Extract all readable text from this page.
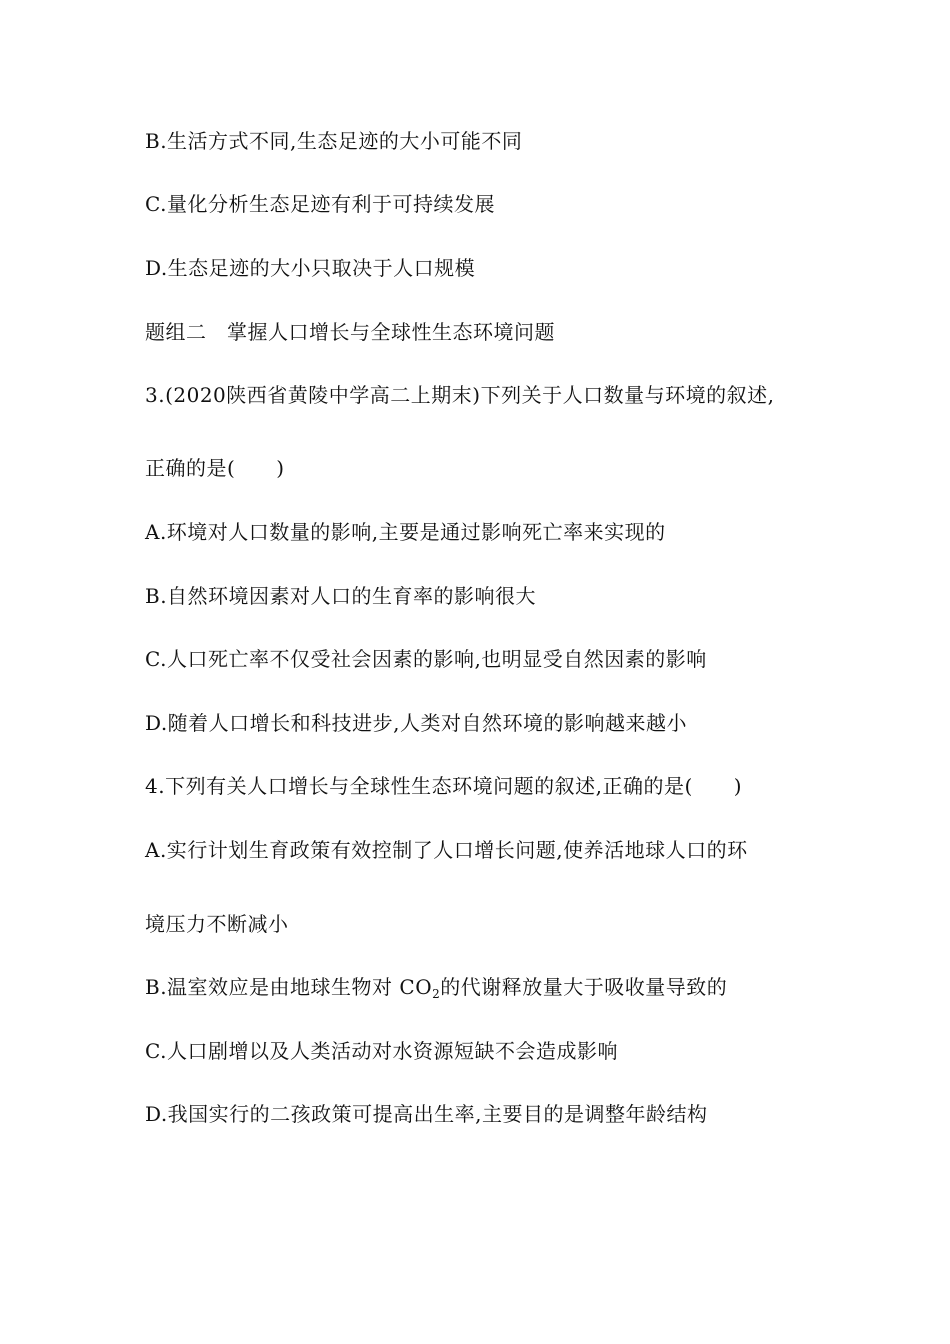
B.生活方式不同,生态足迹的大小可能不同
C.量化分析生态足迹有利于可持续发展
D.生态足迹的大小只取决于人口规模
题组二　掌握人口增长与全球性生态环境问题
3.(2020陕西省黄陵中学高二上期末)下列关于人口数量与环境的叙述,
正确的是(　　)
A.环境对人口数量的影响,主要是通过影响死亡率来实现的
B.自然环境因素对人口的生育率的影响很大
C.人口死亡率不仅受社会因素的影响,也明显受自然因素的影响
D.随着人口增长和科技进步,人类对自然环境的影响越来越小
4.下列有关人口增长与全球性生态环境问题的叙述,正确的是(　　)
A.实行计划生育政策有效控制了人口增长问题,使养活地球人口的环
境压力不断减小
B.温室效应是由地球生物对 $CO_2$的代谢释放量大于吸收量导致的
C.人口剧增以及人类活动对水资源短缺不会造成影响
D.我国实行的二孩政策可提高出生率,主要目的是调整年龄结构
